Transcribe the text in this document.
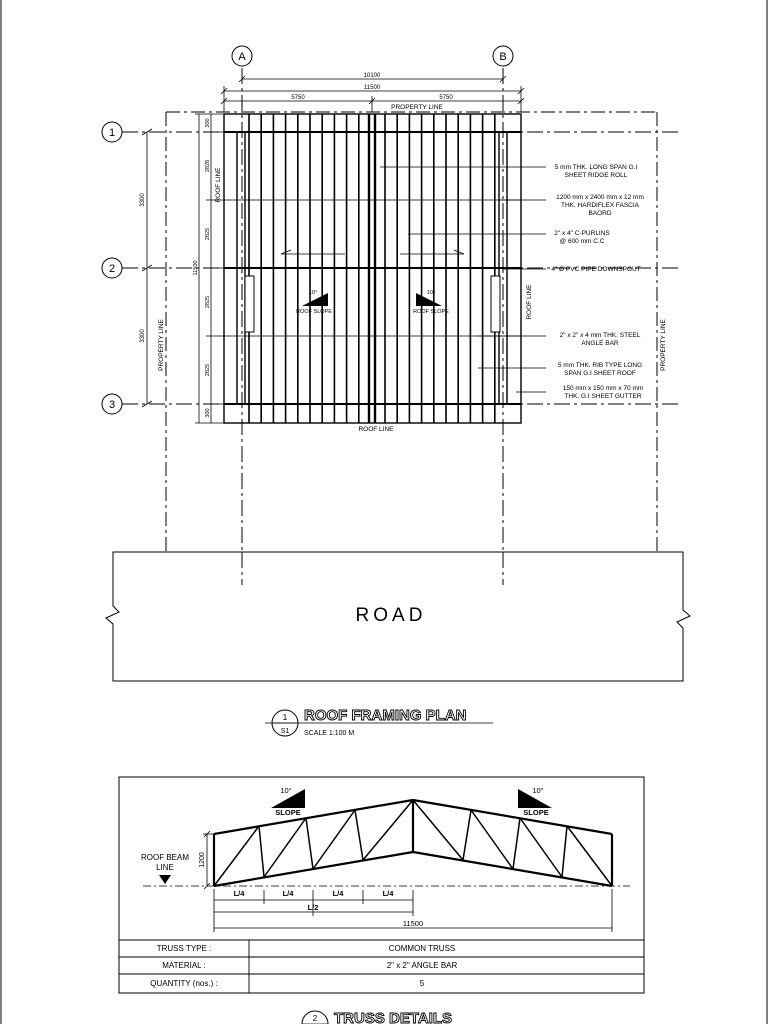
A	B
1
2
3
10100
11500
5750	5750
PROPERTY LINE
3300
3300
11500
300
2828
2825
2825
2825
300
10°	10°
ROOF SLOPE	ROOF SLOPE
PROPERTY LINE	PROPERTY LINE
ROOF LINE
ROOF LINE
ROOF LINE
5 mm THK. LONG SPAN G.I
SHEET RIDGE ROLL
1200 mm x 2400 mm x 12 mm
THK. HARDIFLEX FASCIA
BAORD
2" x 4" C-PURLINS
@ 600 mm C.C
4" Ø PVC PIPE DOWNSPOUT
2" x 2" x 4 mm THK. STEEL
ANGLE BAR
5 mm THK. RIB TYPE LONG
SPAN G.I SHEET ROOF
150 mm x 150 mm x 70 mm
THK. G.I SHEET GUTTER
ROAD
1
S1
ROOF FRAMING PLAN
SCALE 1:100 M
10°	10°
SLOPE	SLOPE
ROOF BEAM
LINE	1200
L/4	L/4	L/4	L/4
L/2
11500
TRUSS TYPE :	COMMON TRUSS
MATERIAL :	2" x 2" ANGLE BAR
QUANTITY (nos.) :	5
2 TRUSS DETAILS
